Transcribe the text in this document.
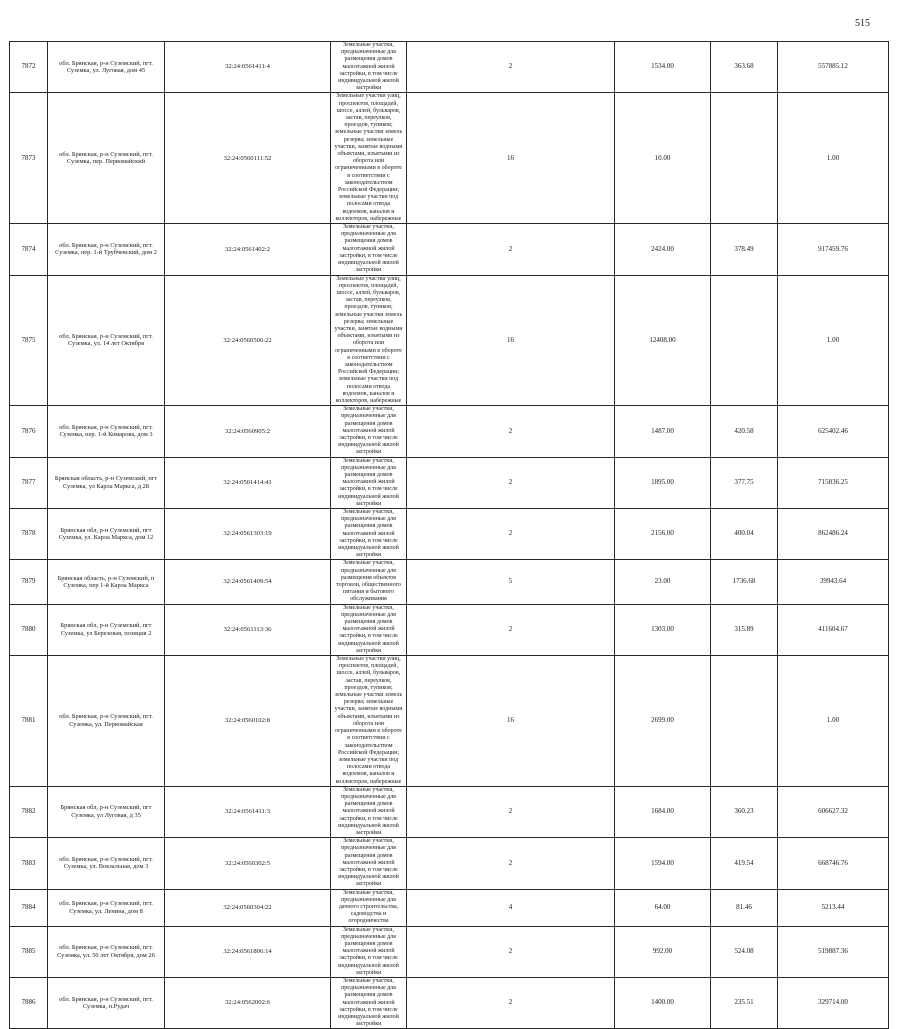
515
7872	обл. Брянская, р-н Суземский, пгт. Суземка, ул. Луговая, дом 45	32:24:0561411:4	Земельные участки, предназначенные для размещения домов малоэтажной жилой застройки, в том числе индивидуальной жилой застройки	2	1534.00	363.68	557885.12
7873	обл. Брянская, р-н Суземский, пгт. Суземка, пер. Первомайский	32:24:0560111:52	Земельные участки улиц, проспектов, площадей, шоссе, аллей, бульваров, застав, переулков, проездов, тупиков; земельные участки земель резерва; земельные участки, занятые водными объектами, изъятыми из оборота или ограниченными в обороте в соответствии с законодательством Российской Федерации; земельные участки под полосами отвода водоемов, каналов и коллекторов, набережные	16	10.00		1.00
7874	обл. Брянская, р-н Суземский, пгт. Суземка, пер. 1-й Трубчевский, дом 2	32:24:0561402:2	Земельные участки, предназначенные для размещения домов малоэтажной жилой застройки, в том числе индивидуальной жилой застройки	2	2424.00	378.49	917459.76
7875	обл. Брянская, р-н Суземский, пгт. Суземка, ул. 14 лет Октября	32:24:0560506:22	Земельные участки улиц, проспектов, площадей, шоссе, аллей, бульваров, застав, переулков, проездов, тупиков; земельные участки земель резерва; земельные участки, занятые водными объектами, изъятыми из оборота или ограниченными в обороте в соответствии с законодательством Российской Федерации; земельные участки под полосами отвода водоемов, каналов и коллекторов, набережные	16	12408.00		1.00
7876	обл. Брянская, р-н Суземский, пгт. Суземка, пер. 1-й Комарова, дом 3	32:24:0560905:2	Земельные участки, предназначенные для размещения домов малоэтажной жилой застройки, в том числе индивидуальной жилой застройки	2	1487.00	420.58	625402.46
7877	Брянская область, р-н Суземский, пгт Суземка, ул Карла Маркса, д 28	32:24:0561414:41	Земельные участки, предназначенные для размещения домов малоэтажной жилой застройки, в том числе индивидуальной жилой застройки	2	1895.00	377.75	715836.25
7878	Брянская обл, р-н Суземский, пгт Суземка, ул. Карла Маркса, дом 12	32:24:0561303:19	Земельные участки, предназначенные для размещения домов малоэтажной жилой застройки, в том числе индивидуальной жилой застройки	2	2156.00	400.04	862486.24
7879	Брянская область, р-н Суземский, п Суземка, пер 1-й Карла Маркса	32:24:0561409:54	Земельные участки, предназначенные для размещения объектов торговли, общественного питания и бытового обслуживания	5	23.00	1736.68	39943.64
7880	Брянская обл, р-н Суземский, пгт Суземка, ул Березовая, позиция 2	32:24:0561113:36	Земельные участки, предназначенные для размещения домов малоэтажной жилой застройки, в том числе индивидуальной жилой застройки	2	1303.00	315.89	411604.67
7881	обл. Брянская, р-н Суземский, пгт. Суземка, ул. Первомайская	32:24:0560102:8	Земельные участки улиц, проспектов, площадей, шоссе, аллей, бульваров, застав, переулков, проездов, тупиков; земельные участки земель резерва; земельные участки, занятые водными объектами, изъятыми из оборота или ограниченными в обороте в соответствии с законодательством Российской Федерации; земельные участки под полосами отвода водоемов, каналов и коллекторов, набережные	16	2699.00		1.00
7882	Брянская обл, р-н Суземский, пгт Суземка, ул Луговая, д 35	32:24:0561411:3	Земельные участки, предназначенные для размещения домов малоэтажной жилой застройки, в том числе индивидуальной жилой застройки	2	1684.00	360.23	606627.32
7883	обл. Брянская, р-н Суземский, пгт. Суземка, ул. Вокзальная, дом 3	32:24:0560302:5	Земельные участки, предназначенные для размещения домов малоэтажной жилой застройки, в том числе индивидуальной жилой застройки	2	1594.00	419.54	668746.76
7884	обл. Брянская, р-н Суземский, пгт. Суземка, ул. Ленина, дом 8	32:24:0560304:22	Земельные участки, предназначенные для дачного строительства, садоводства и огородничества	4	64.00	81.46	5213.44
7885	обл. Брянская, р-н Суземский, пгт. Суземка, ул. 50 лет Октября, дом 26	32:24:0561806:14	Земельные участки, предназначенные для размещения домов малоэтажной жилой застройки, в том числе индивидуальной жилой застройки	2	992.00	524.08	519887.36
7886	обл. Брянская, р-н Суземский, пгт. Суземка, п.Рудач	32:24:0562002:6	Земельные участки, предназначенные для размещения домов малоэтажной жилой застройки, в том числе индивидуальной жилой застройки	2	1400.00	235.51	329714.00
